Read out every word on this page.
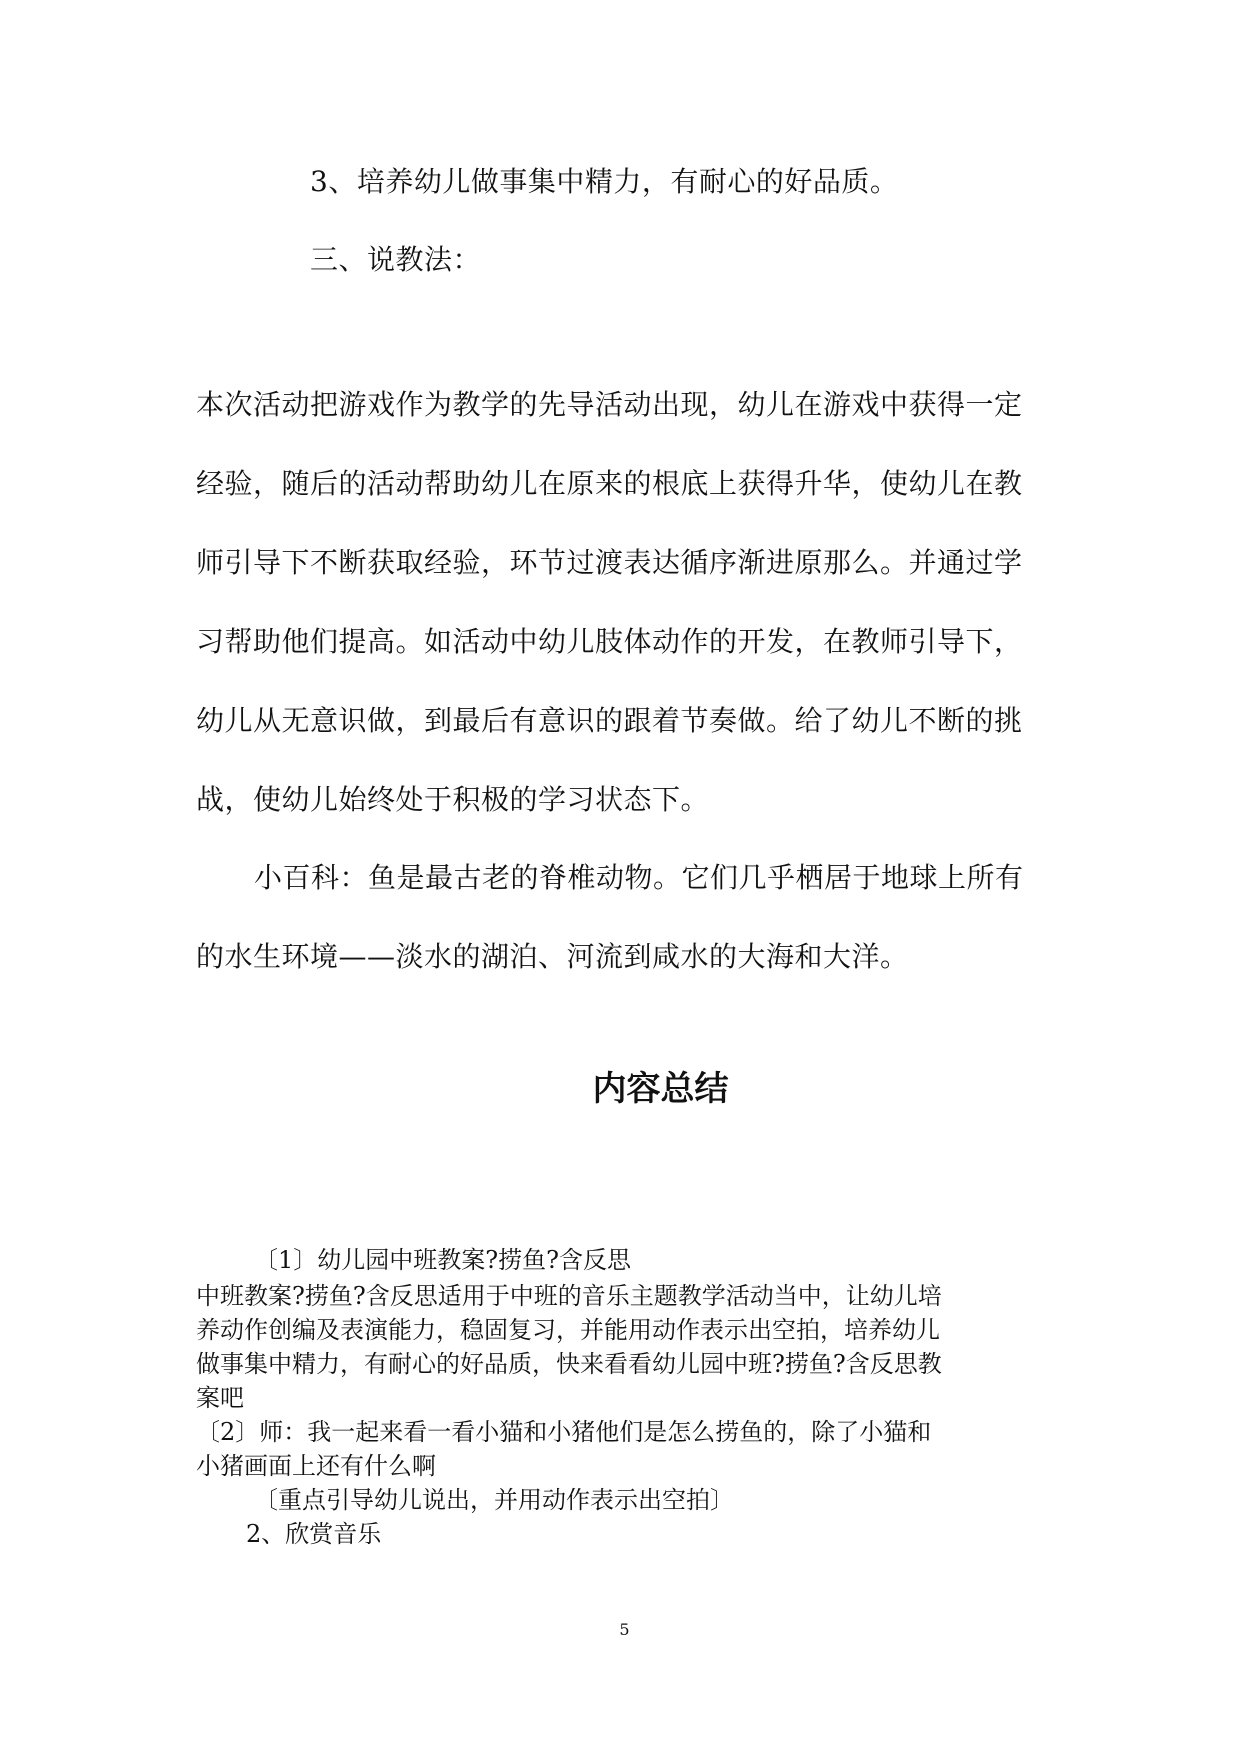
3、培养幼儿做事集中精力，有耐心的好品质。
三、说教法：
本次活动把游戏作为教学的先导活动出现，幼儿在游戏中获得一定
经验，随后的活动帮助幼儿在原来的根底上获得升华，使幼儿在教
师引导下不断获取经验，环节过渡表达循序渐进原那么。并通过学
习帮助他们提高。如活动中幼儿肢体动作的开发，在教师引导下，
幼儿从无意识做，到最后有意识的跟着节奏做。给了幼儿不断的挑
战，使幼儿始终处于积极的学习状态下。
小百科：鱼是最古老的脊椎动物。它们几乎栖居于地球上所有
的水生环境——淡水的湖泊、河流到咸水的大海和大洋。
内容总结
〔1〕幼儿园中班教案?捞鱼?含反思
中班教案?捞鱼?含反思适用于中班的音乐主题教学活动当中，让幼儿培
养动作创编及表演能力，稳固复习，并能用动作表示出空拍，培养幼儿
做事集中精力，有耐心的好品质，快来看看幼儿园中班?捞鱼?含反思教
案吧
〔2〕师：我一起来看一看小猫和小猪他们是怎么捞鱼的，除了小猫和
小猪画面上还有什么啊
〔重点引导幼儿说出，并用动作表示出空拍〕
2、欣赏音乐
5
